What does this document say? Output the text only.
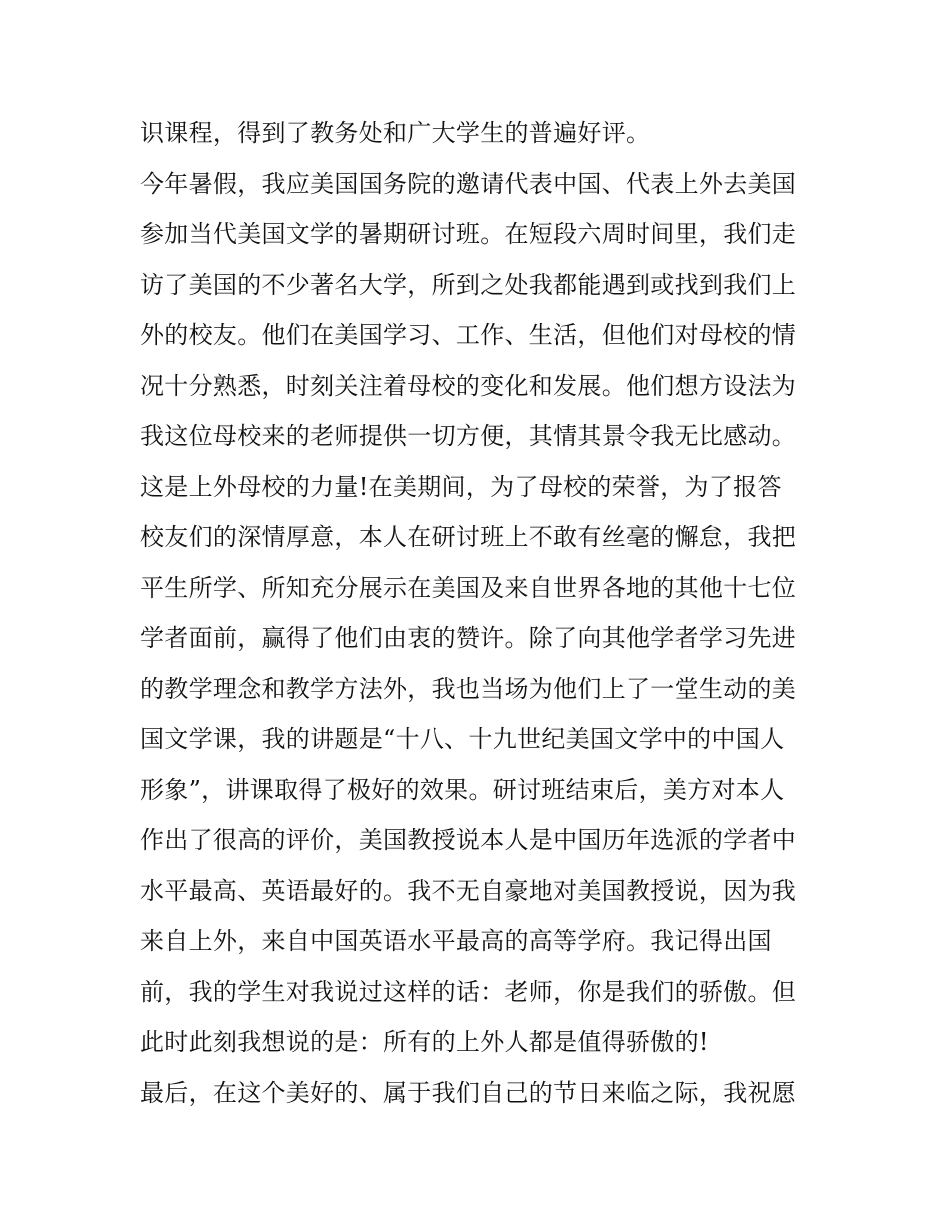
识课程，得到了教务处和广大学生的普遍好评。
今年暑假，我应美国国务院的邀请代表中国、代表上外去美国
参加当代美国文学的暑期研讨班。在短段六周时间里，我们走
访了美国的不少著名大学，所到之处我都能遇到或找到我们上
外的校友。他们在美国学习、工作、生活，但他们对母校的情
况十分熟悉，时刻关注着母校的变化和发展。他们想方设法为
我这位母校来的老师提供一切方便，其情其景令我无比感动。
这是上外母校的力量!在美期间，为了母校的荣誉，为了报答
校友们的深情厚意，本人在研讨班上不敢有丝毫的懈怠，我把
平生所学、所知充分展示在美国及来自世界各地的其他十七位
学者面前，赢得了他们由衷的赞许。除了向其他学者学习先进
的教学理念和教学方法外，我也当场为他们上了一堂生动的美
国文学课，我的讲题是“十八、十九世纪美国文学中的中国人
形象”，讲课取得了极好的效果。研讨班结束后，美方对本人
作出了很高的评价，美国教授说本人是中国历年选派的学者中
水平最高、英语最好的。我不无自豪地对美国教授说，因为我
来自上外，来自中国英语水平最高的高等学府。我记得出国
前，我的学生对我说过这样的话：老师，你是我们的骄傲。但
此时此刻我想说的是：所有的上外人都是值得骄傲的!
最后，在这个美好的、属于我们自己的节日来临之际，我祝愿
